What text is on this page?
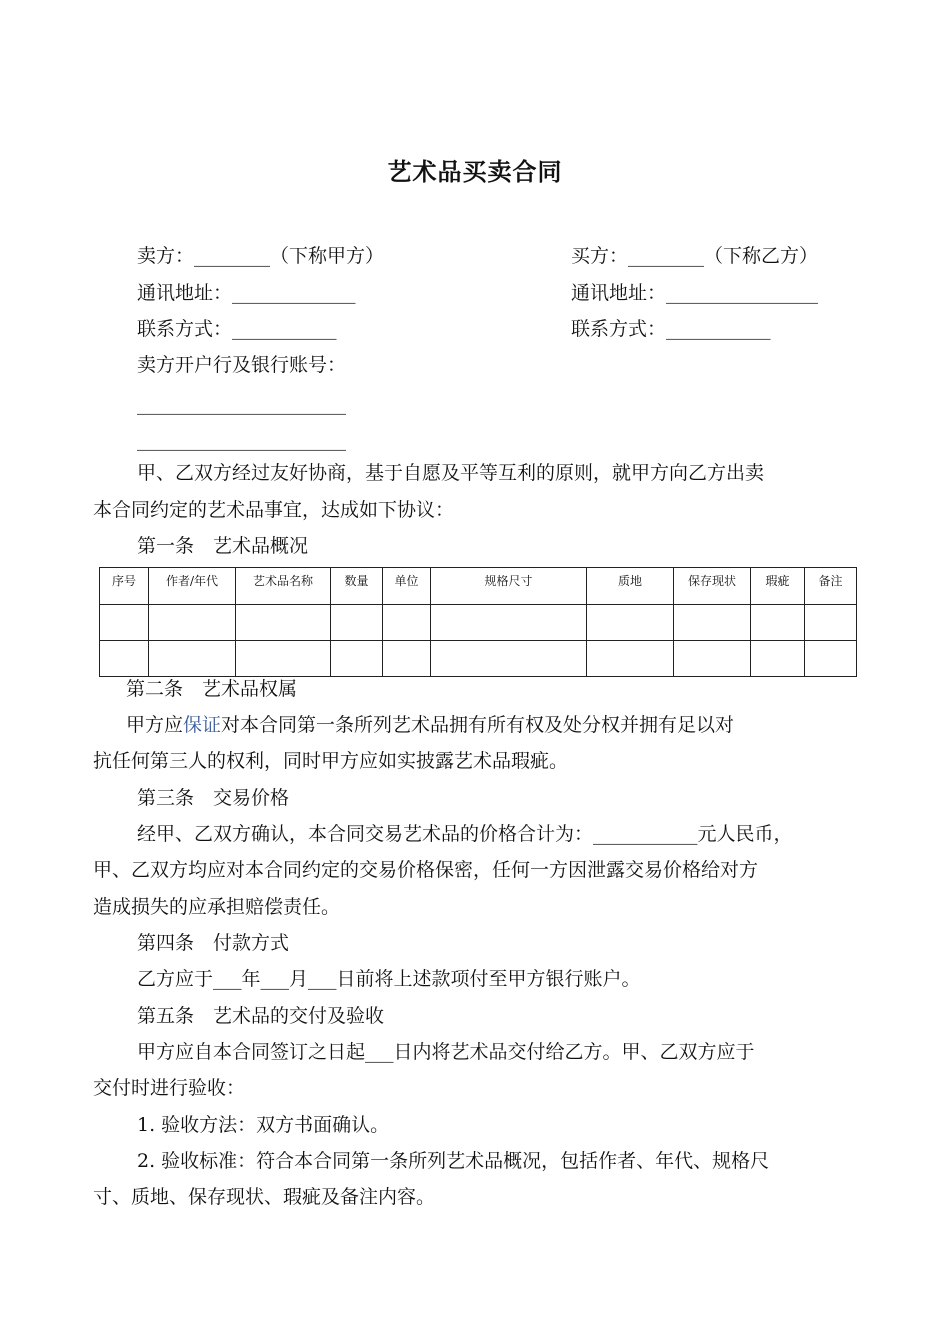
艺术品买卖合同
卖方：________（下称甲方）	买方：________（下称乙方）
通讯地址：_____________	通讯地址：________________
联系方式：___________	联系方式：___________
卖方开户行及银行账号：
______________________
______________________
甲、乙双方经过友好协商，基于自愿及平等互利的原则，就甲方向乙方出卖
本合同约定的艺术品事宜，达成如下协议：
第一条　艺术品概况
序号	作者/年代	艺术品名称	数量	单位	规格尺寸	质地	保存现状	瑕疵	备注

第二条　艺术品权属
甲方应保证对本合同第一条所列艺术品拥有所有权及处分权并拥有足以对
抗任何第三人的权利，同时甲方应如实披露艺术品瑕疵。
第三条　交易价格
经甲、乙双方确认，本合同交易艺术品的价格合计为：___________元人民币，
甲、乙双方均应对本合同约定的交易价格保密，任何一方因泄露交易价格给对方
造成损失的应承担赔偿责任。
第四条　付款方式
乙方应于___年___月___日前将上述款项付至甲方银行账户。
第五条　艺术品的交付及验收
甲方应自本合同签订之日起___日内将艺术品交付给乙方。甲、乙双方应于
交付时进行验收：
1. 验收方法：双方书面确认。
2. 验收标准：符合本合同第一条所列艺术品概况，包括作者、年代、规格尺
寸、质地、保存现状、瑕疵及备注内容。
